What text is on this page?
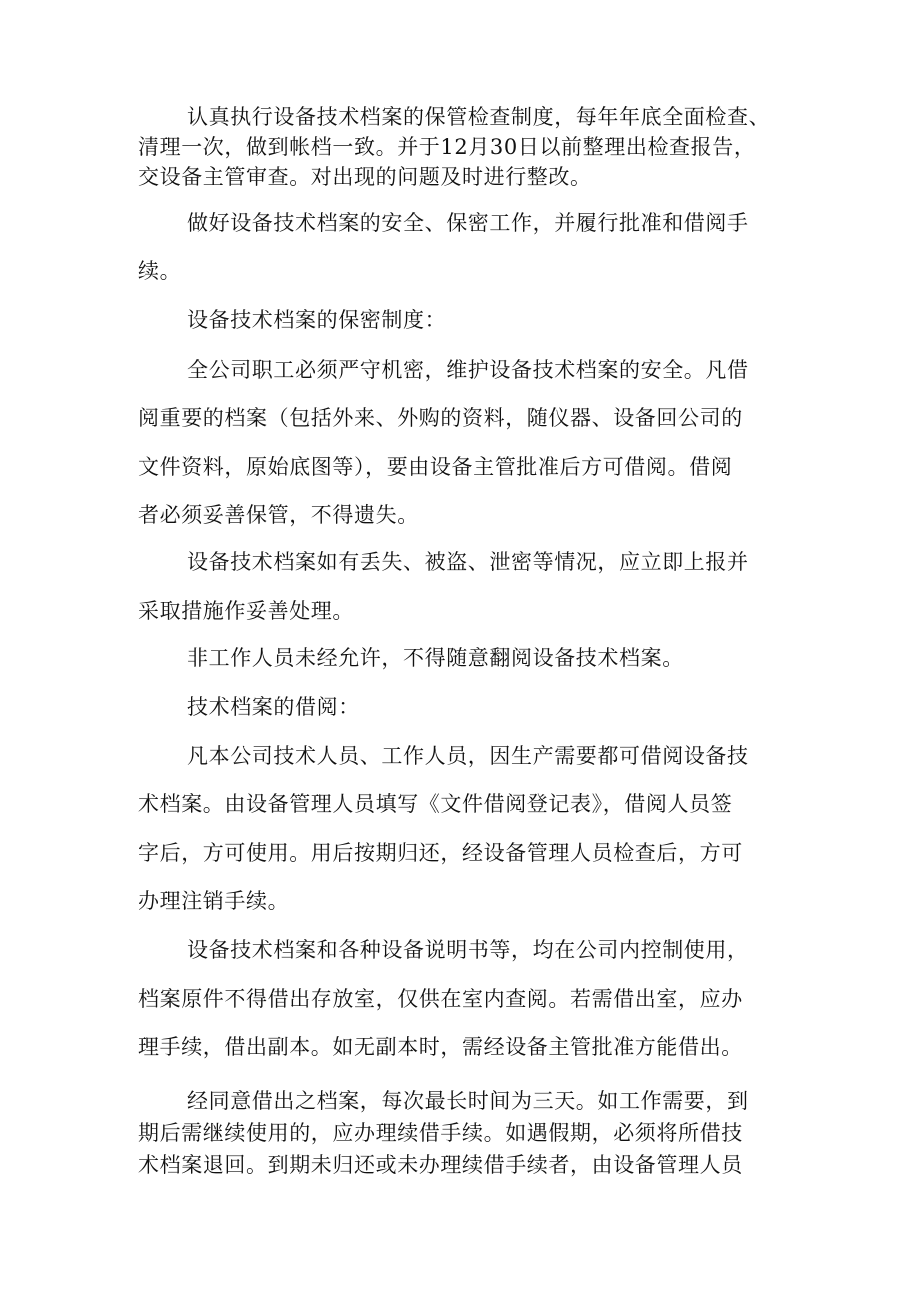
认真执行设备技术档案的保管检查制度，每年年底全面检查、
清理一次，做到帐档一致。并于12月30日以前整理出检查报告，
交设备主管审查。对出现的问题及时进行整改。
做好设备技术档案的安全、保密工作，并履行批准和借阅手
续。
设备技术档案的保密制度：
全公司职工必须严守机密，维护设备技术档案的安全。凡借
阅重要的档案（包括外来、外购的资料，随仪器、设备回公司的
文件资料，原始底图等），要由设备主管批准后方可借阅。借阅
者必须妥善保管，不得遗失。
设备技术档案如有丢失、被盗、泄密等情况，应立即上报并
采取措施作妥善处理。
非工作人员未经允许，不得随意翻阅设备技术档案。
技术档案的借阅：
凡本公司技术人员、工作人员，因生产需要都可借阅设备技
术档案。由设备管理人员填写《文件借阅登记表》，借阅人员签
字后，方可使用。用后按期归还，经设备管理人员检查后，方可
办理注销手续。
设备技术档案和各种设备说明书等，均在公司内控制使用，
档案原件不得借出存放室，仅供在室内查阅。若需借出室，应办
理手续，借出副本。如无副本时，需经设备主管批准方能借出。
经同意借出之档案，每次最长时间为三天。如工作需要，到
期后需继续使用的，应办理续借手续。如遇假期，必须将所借技
术档案退回。到期未归还或未办理续借手续者，由设备管理人员
